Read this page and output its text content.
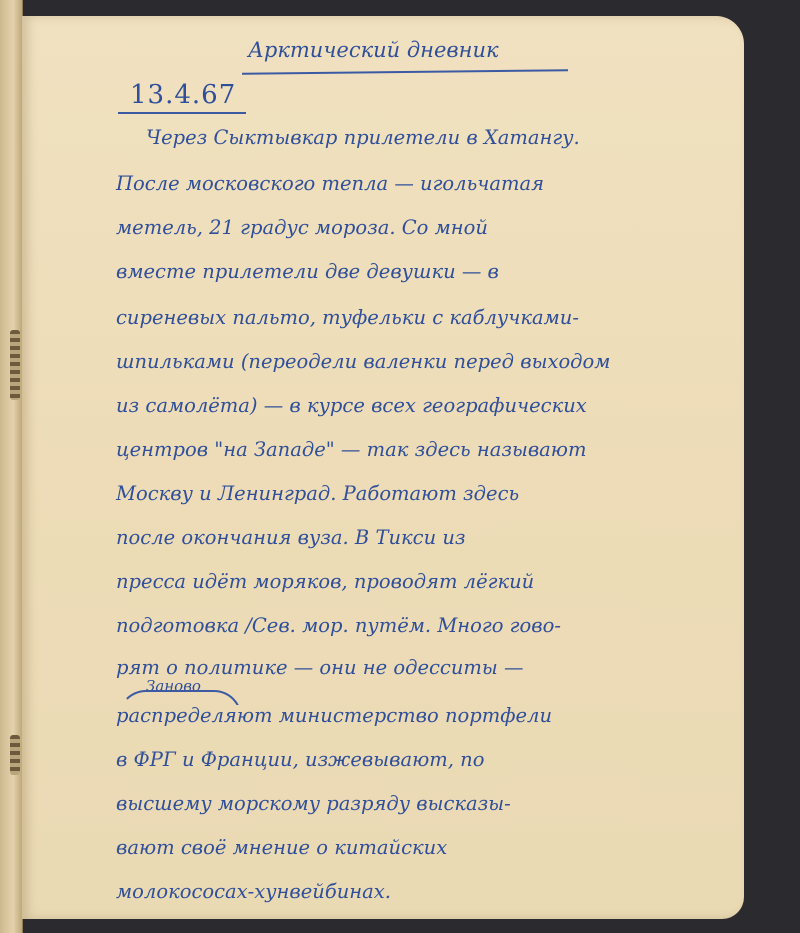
Арктический дневник
13.4.67
Через Сыктывкар прилетели в Хатангу.
После московского тепла — игольчатая
метель, 21 градус мороза. Со мной
вместе прилетели две девушки — в
сиреневых пальто, туфельки с каблучками-
шпильками (переодели валенки перед выходом
из самолёта) — в курсе всех географических
центров "на Западе" — так здесь называют
Москву и Ленинград. Работают здесь
после окончания вуза. В Тикси из
пресса идёт моряков, проводят лёгкий
подготовка /Сев. мор. путём. Много гово-
рят о политике — они не одесситы —
Заново
распределяют министерство портфели
в ФРГ и Франции, изжевывают, по
высшему морскому разряду высказы-
вают своё мнение о китайских
молокососах-хунвейбинах.
